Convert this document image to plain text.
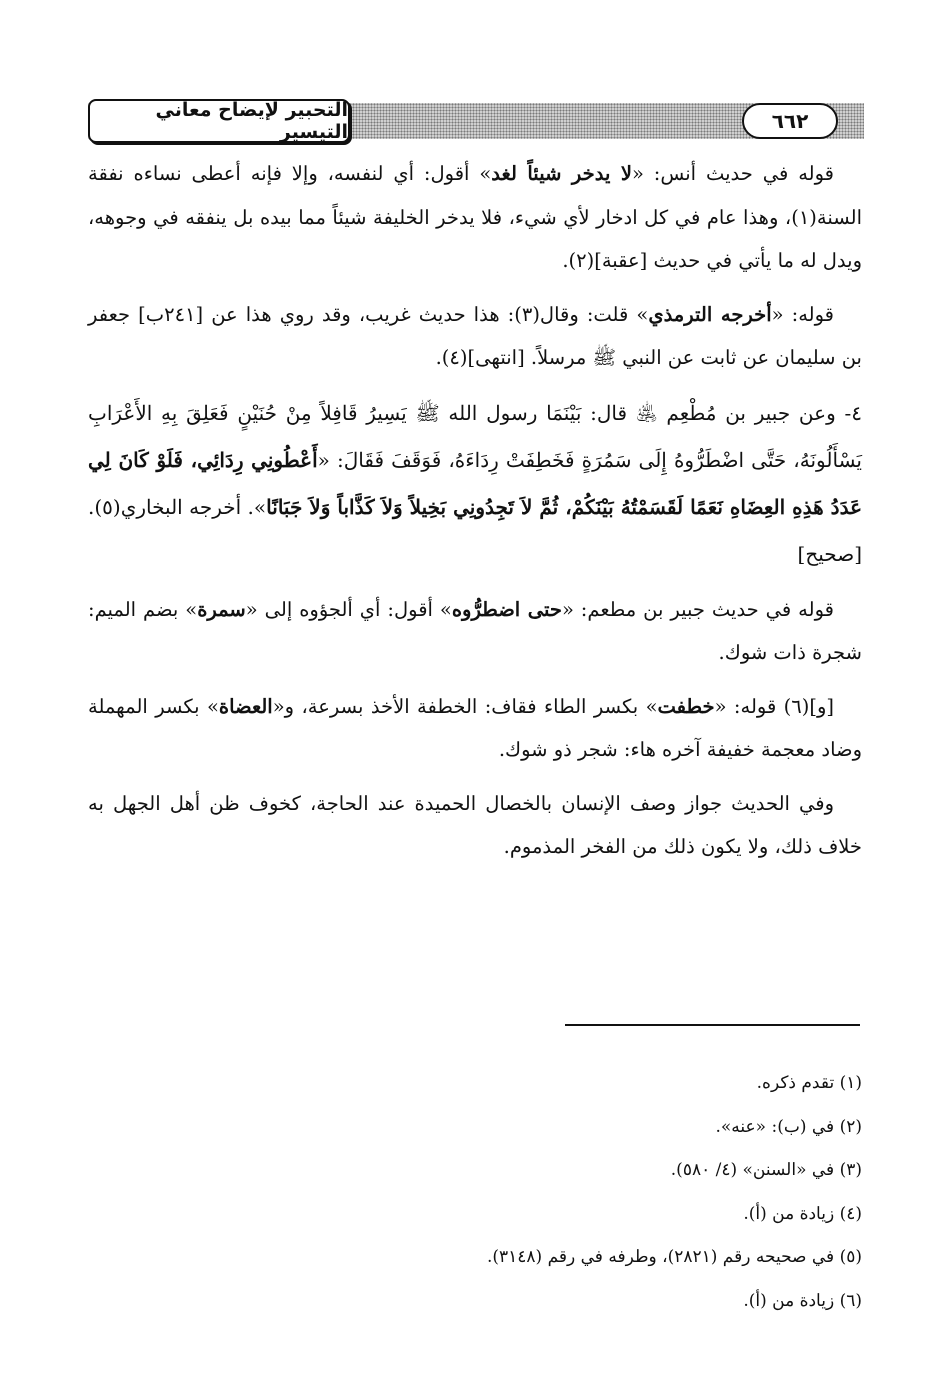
التحبير لإيضاح معاني التيسير	٦٦٢

قوله في حديث أنس: «لا يدخر شيئاً لغد» أقول: أي لنفسه، وإلا فإنه أعطى نساءه نفقة السنة(١)، وهذا عام في كل ادخار لأي شيء، فلا يدخر الخليفة شيئاً مما بيده بل ينفقه في وجوهه، ويدل له ما يأتي في حديث [عقبة](٢).

قوله: «أخرجه الترمذي» قلت: وقال(٣): هذا حديث غريب، وقد روي هذا عن [٢٤١ب] جعفر بن سليمان عن ثابت عن النبي ﷺ مرسلاً. [انتهى](٤).

٤- وعن جبير بن مُطْعِم ﵁ قال: بَيْنَمَا رسول الله ﷺ يَسِيرُ قَافِلاً مِنْ حُنَيْنٍ فَعَلِقَ بِهِ الأَعْرَابِ يَسْأَلُونَهُ، حَتَّى اضْطَرُّوهُ إِلَى سَمُرَةٍ فَخَطِفَتْ رِدَاءَهُ، فَوَقَفَ فَقَالَ: «أَعْطُونِي رِدَائِي، فَلَوْ كَانَ لِي عَدَدُ هَذِهِ العِضَاهِ نَعَمًا لَقَسَمْتُهُ بَيْنَكُمْ، ثُمَّ لاَ تَجِدُونِي بَخِيلاً وَلاَ كَذَّاباً وَلاَ جَبَانًا». أخرجه البخاري(٥). [صحيح]

قوله في حديث جبير بن مطعم: «حتى اضطرُّوه» أقول: أي ألجؤوه إلى «سمرة» بضم الميم: شجرة ذات شوك.

[و](٦) قوله: «خطفت» بكسر الطاء فقاف: الخطفة الأخذ بسرعة، و«العضاة» بكسر المهملة وضاد معجمة خفيفة آخره هاء: شجر ذو شوك.

وفي الحديث جواز وصف الإنسان بالخصال الحميدة عند الحاجة، كخوف ظن أهل الجهل به خلاف ذلك، ولا يكون ذلك من الفخر المذموم.

(١) تقدم ذكره.
(٢) في (ب): «عنه».
(٣) في «السنن» (٤/ ٥٨٠).
(٤) زيادة من (أ).
(٥) في صحيحه رقم (٢٨٢١)، وطرفه في رقم (٣١٤٨).
(٦) زيادة من (أ).
